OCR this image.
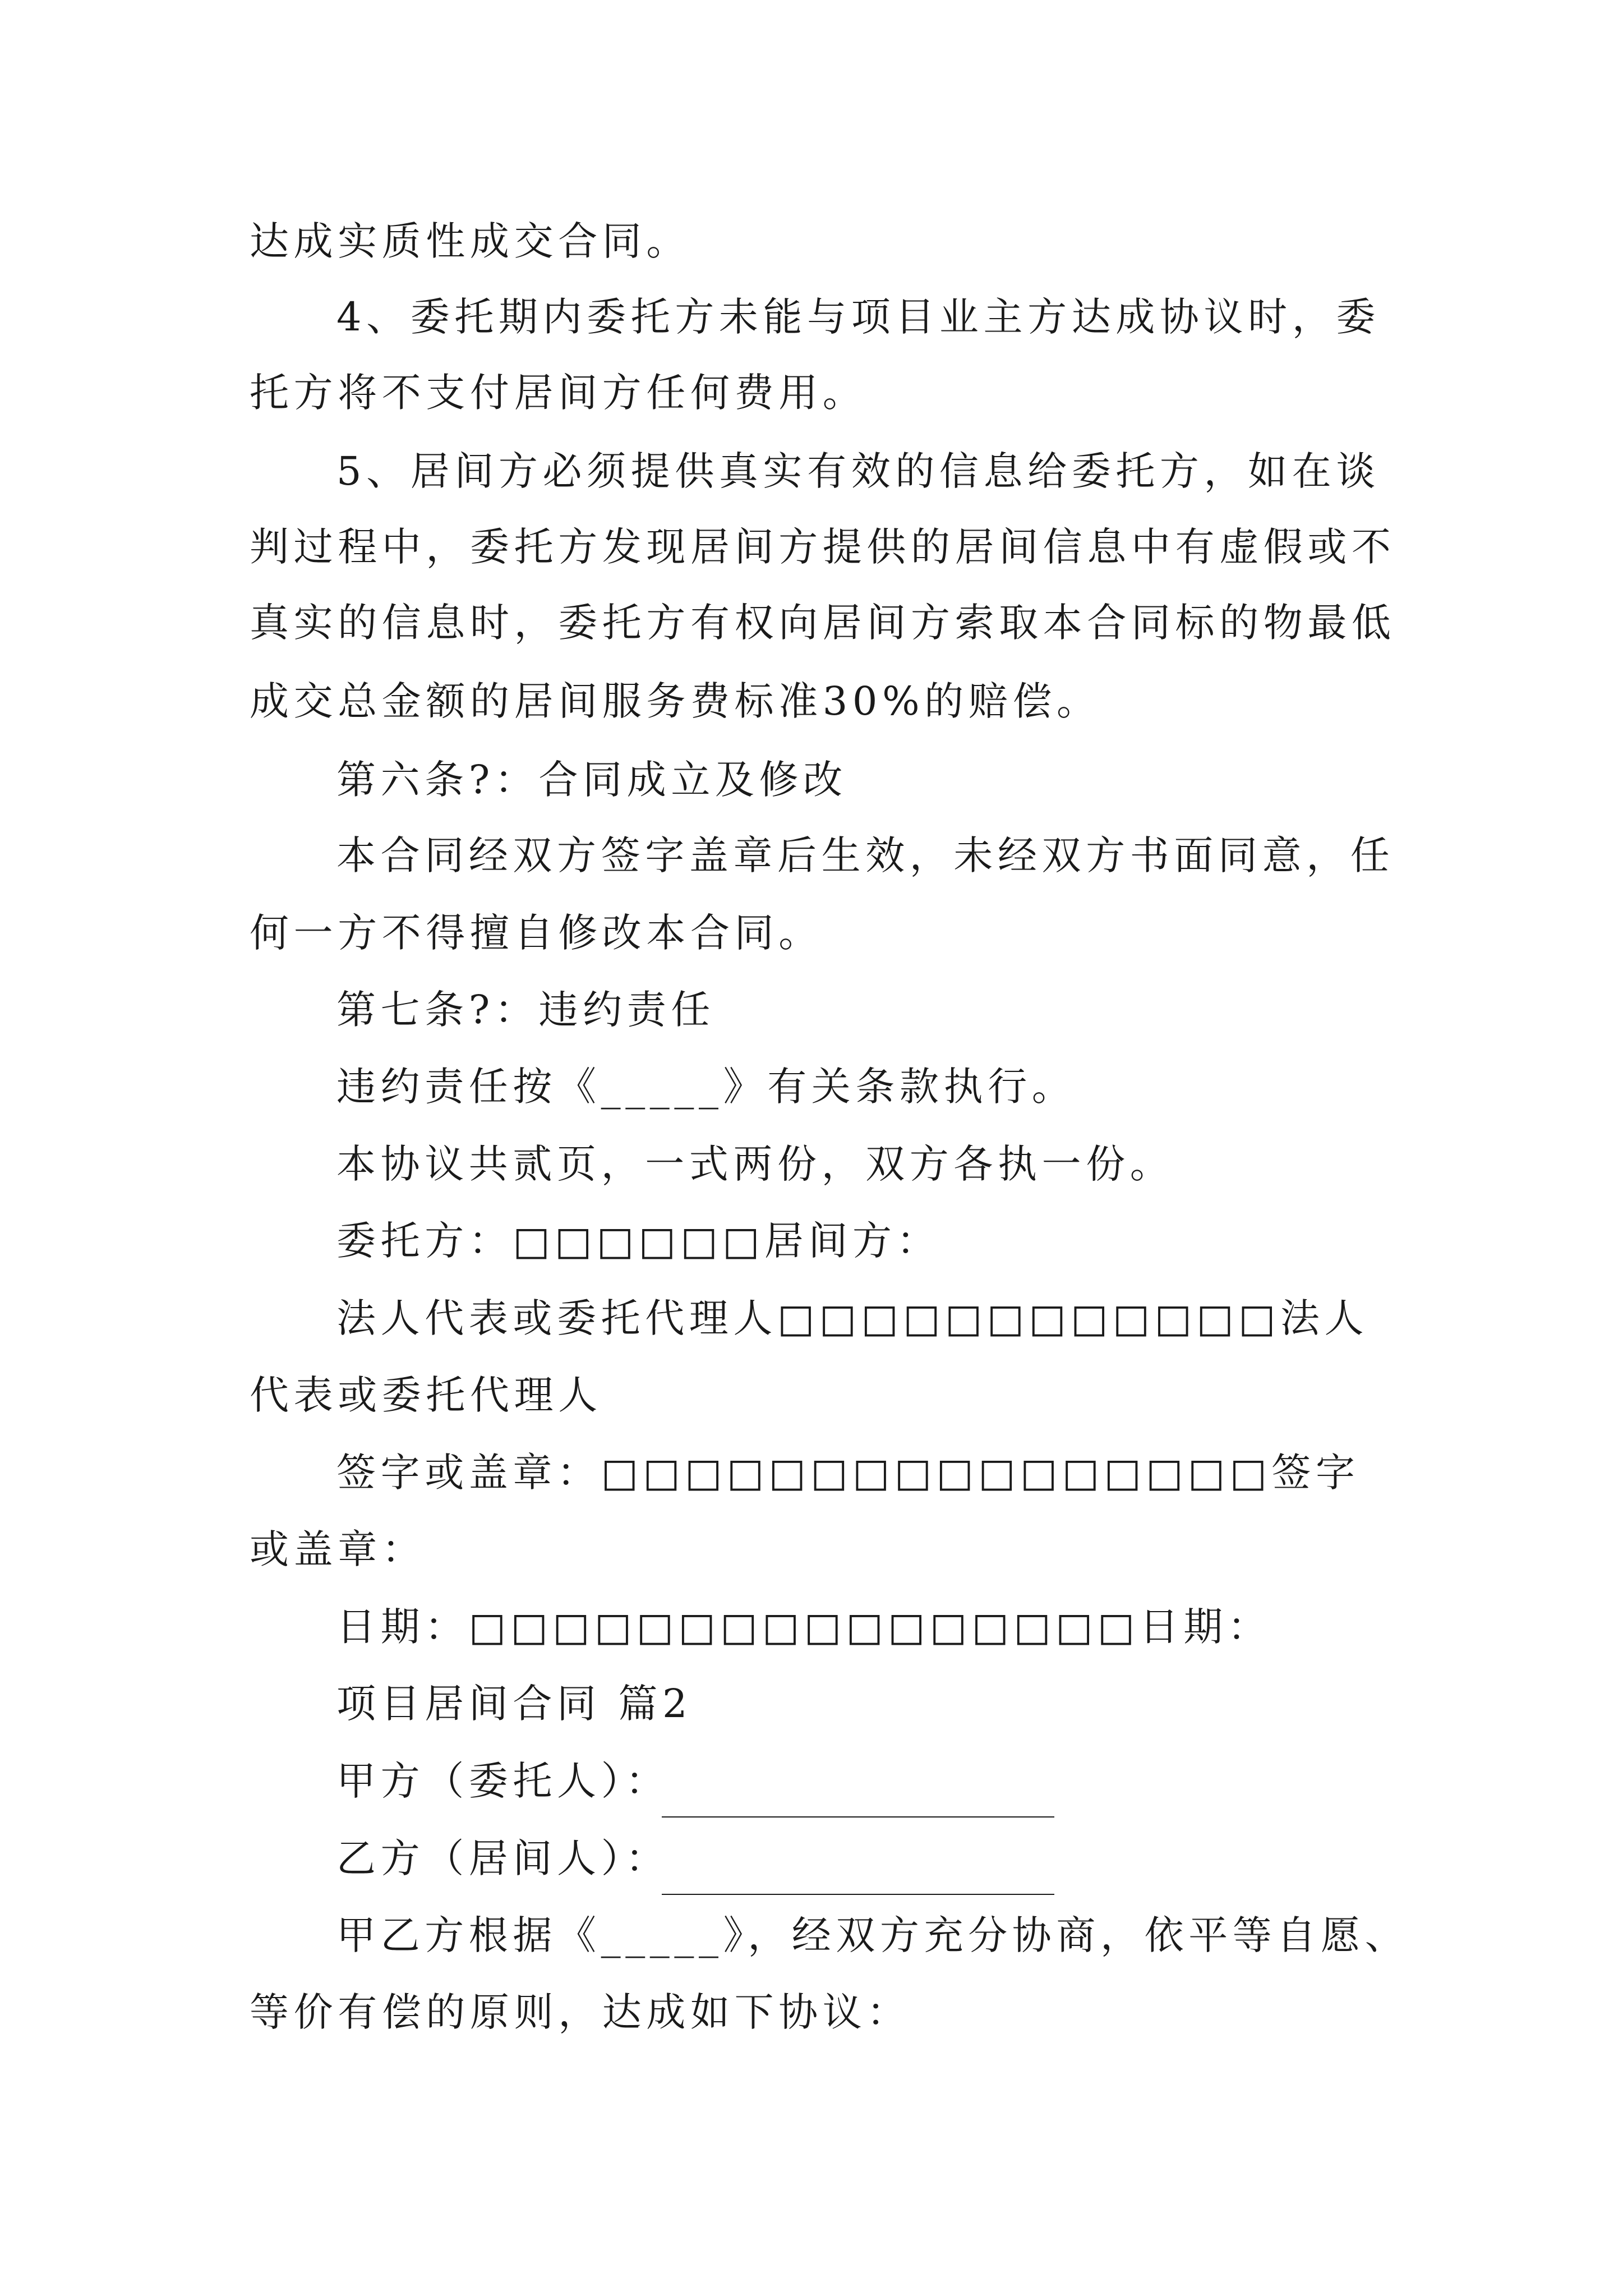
达成实质性成交合同。
4、委托期内委托方未能与项目业主方达成协议时，委
托方将不支付居间方任何费用。
5、居间方必须提供真实有效的信息给委托方，如在谈
判过程中，委托方发现居间方提供的居间信息中有虚假或不
真实的信息时，委托方有权向居间方索取本合同标的物最低
成交总金额的居间服务费标准30%的赔偿。
第六条?：合同成立及修改
本合同经双方签字盖章后生效，未经双方书面同意，任
何一方不得擅自修改本合同。
第七条?：违约责任
违约责任按《_____》有关条款执行。
本协议共贰页，一式两份，双方各执一份。
委托方：□□□□□□居间方：
法人代表或委托代理人□□□□□□□□□□□□法人
代表或委托代理人
签字或盖章：□□□□□□□□□□□□□□□□签字
或盖章：
日期：□□□□□□□□□□□□□□□□日期：
项目居间合同 篇2
甲方（委托人）：
乙方（居间人）：
甲乙方根据《_____》，经双方充分协商，依平等自愿、
等价有偿的原则，达成如下协议：
